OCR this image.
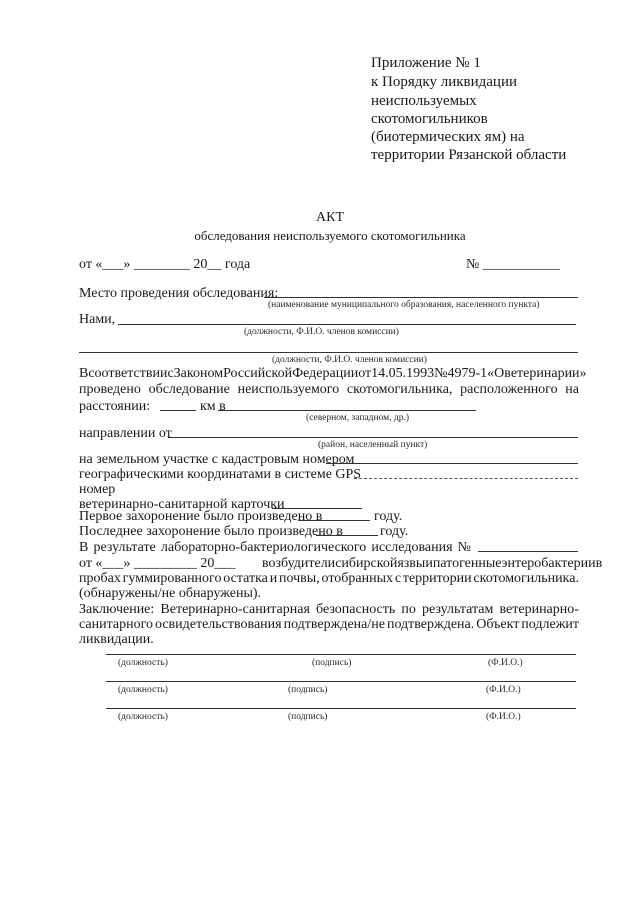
Приложение № 1
к Порядку ликвидации
неиспользуемых
скотомогильников
(биотермических ям) на
территории Рязанской области
АКТ
обследования неиспользуемого скотомогильника
от «___» ________ 20__ года	№ ___________
Место проведения обследования:
(наименование муниципального образования, населенного пункта)
Нами,
(должности, Ф.И.О. членов комиссии)
(должности, Ф.И.О. членов комиссии)
В соответствии с Законом Российской Федерации от 14.05.1993 № 4979-1 «О ветеринарии»
проведено обследование неиспользуемого скотомогильника, расположенного на
расстоянии:	км в
(северном, западном, др.)
направлении от
(район, населенный пункт)
на земельном участке с кадастровым номером
географическими координатами в системе GPS
номер
ветеринарно-санитарной карточки
Первое захоронение было произведено в	году.
Последнее захоронение было произведено в	году.
В результате лабораторно-бактериологического исследования №
от «___» _________ 20___ возбудители сибирской язвы и патогенные энтеробактерии в
пробах гуммированного остатка и почвы, отобранных с территории скотомогильника.
(обнаружены/не обнаружены).
Заключение: Ветеринарно-санитарная безопасность по результатам ветеринарно-
санитарного освидетельствования подтверждена/не подтверждена. Объект подлежит
ликвидации.
(должность)	(подпись)	(Ф.И.О.)
(должность)	(подпись)	(Ф.И.О.)
(должность)	(подпись)	(Ф.И.О.)
